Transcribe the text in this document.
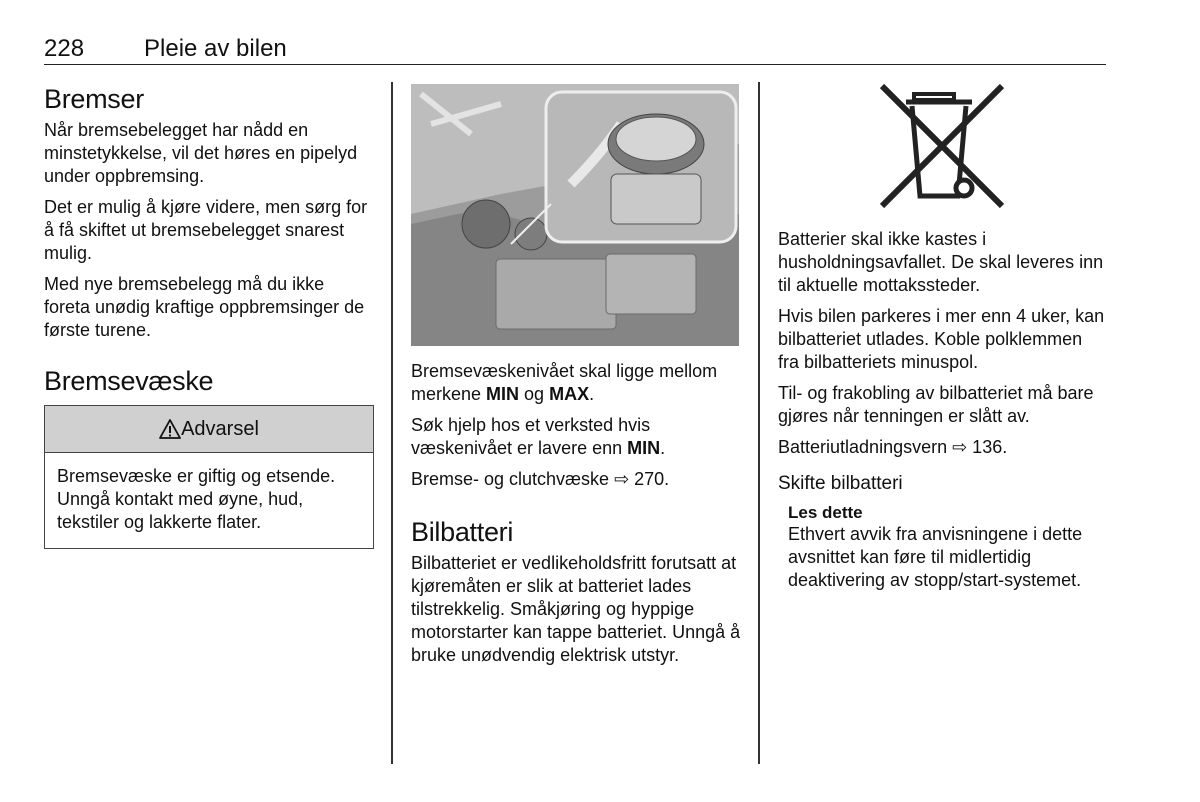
228 Pleie av bilen
Bremser

Når bremsebelegget har nådd en minstetykkelse, vil det høres en pipelyd under oppbremsing.

Det er mulig å kjøre videre, men sørg for å få skiftet ut bremsebelegget snarest mulig.

Med nye bremsebelegg må du ikke foreta unødig kraftige oppbremsinger de første turene.

Bremsevæske
Advarsel

Bremsevæske er giftig og etsende. Unngå kontakt med øyne, hud, tekstiler og lakkerte flater.

Bremsevæskenivået skal ligge mellom merkene MIN og MAX.

Søk hjelp hos et verksted hvis væskenivået er lavere enn MIN.

Bremse- og clutchvæske ⇨ 270.

Bilbatteri

Bilbatteriet er vedlikeholdsfritt forutsatt at kjøremåten er slik at batteriet lades tilstrekkelig. Småkjøring og hyppige motorstarter kan tappe batteriet. Unngå å bruke unødvendig elektrisk utstyr.

Batterier skal ikke kastes i husholdningsavfallet. De skal leveres inn til aktuelle mottakssteder.

Hvis bilen parkeres i mer enn 4 uker, kan bilbatteriet utlades. Koble polklemmen fra bilbatteriets minuspol.

Til- og frakobling av bilbatteriet må bare gjøres når tenningen er slått av.

Batteriutladningsvern ⇨ 136.

Skifte bilbatteri
Les dette

Ethvert avvik fra anvisningene i dette avsnittet kan føre til midlertidig deaktivering av stopp/start-systemet.
